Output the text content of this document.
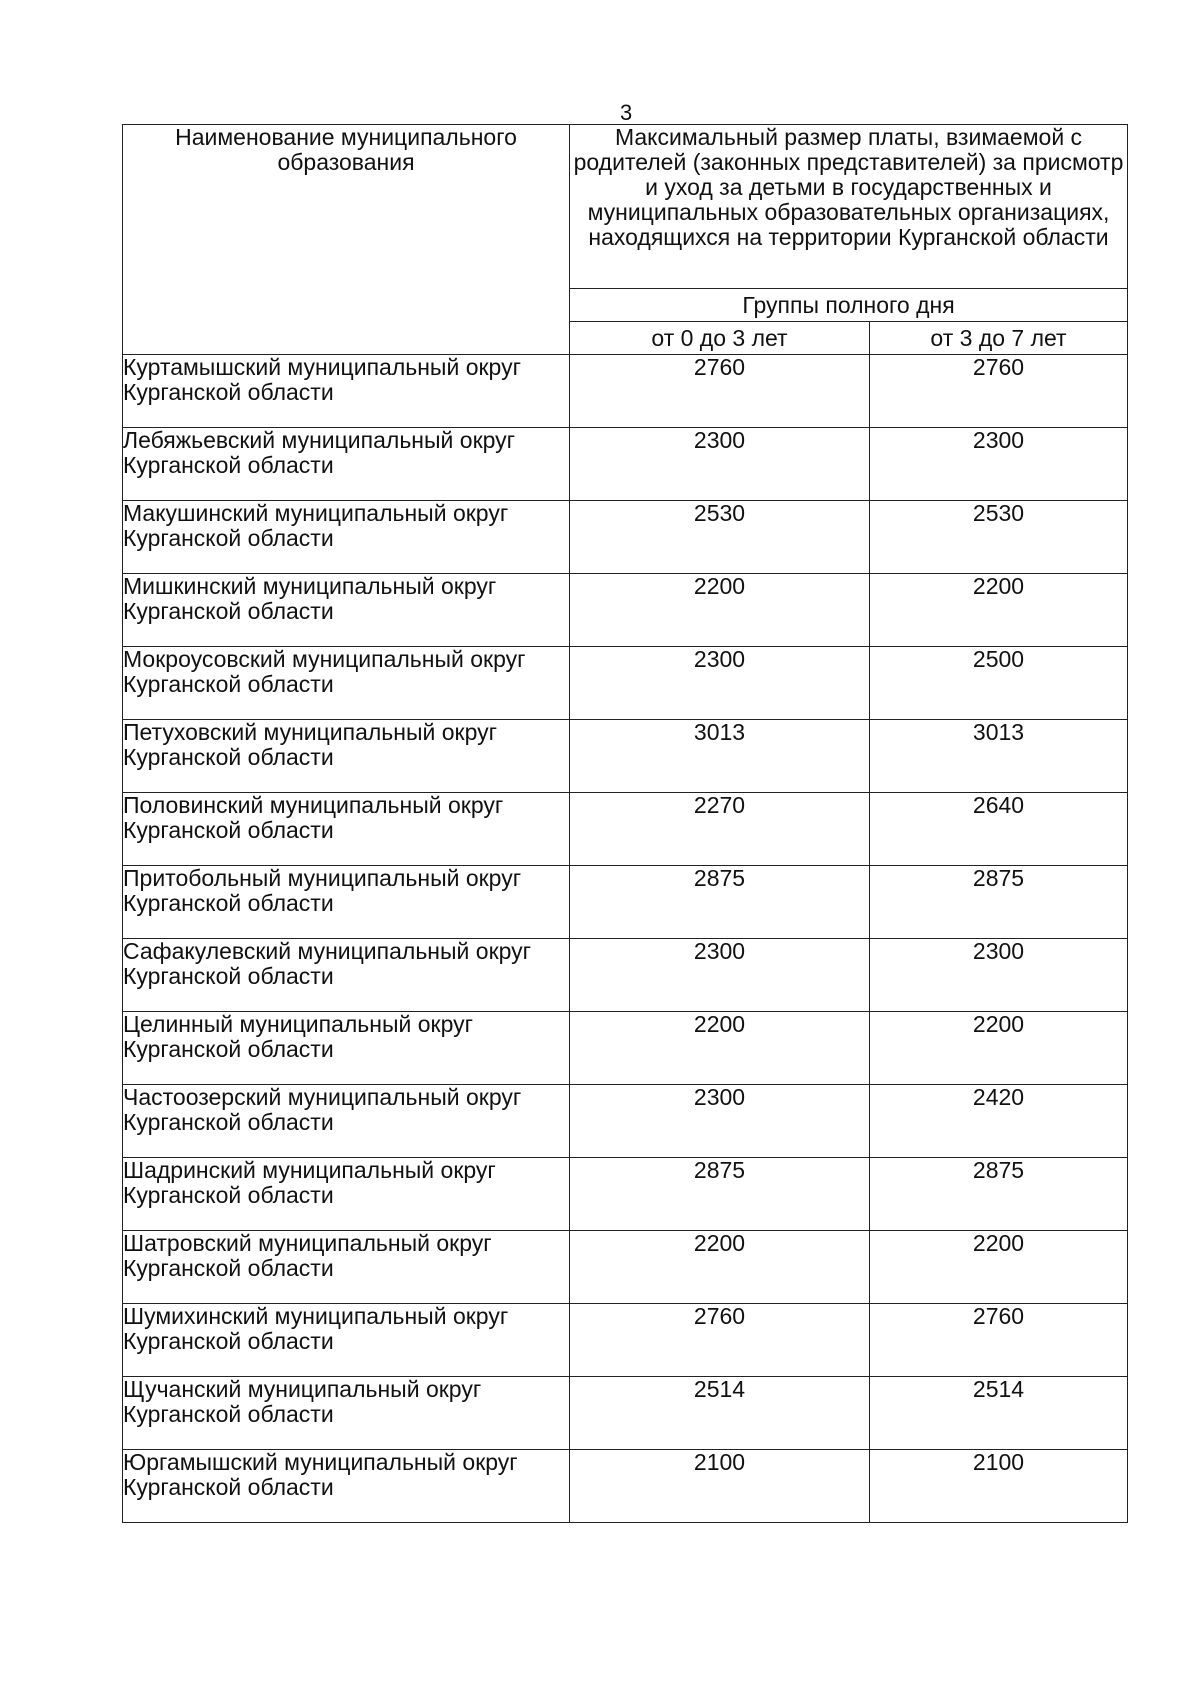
3
Наименование муниципального образования	Максимальный размер платы, взимаемой с родителей (законных представителей) за присмотр и уход за детьми в государственных и муниципальных образовательных организациях, находящихся на территории Курганской области	
	Группы полного дня	
	от 0 до 3 лет	от 3 до 7 лет
Куртамышский муниципальный округ Курганской области	2760	2760
Лебяжьевский муниципальный округ Курганской области	2300	2300
Макушинский муниципальный округ Курганской области	2530	2530
Мишкинский муниципальный округ Курганской области	2200	2200
Мокроусовский муниципальный округ Курганской области	2300	2500
Петуховский муниципальный округ Курганской области	3013	3013
Половинский муниципальный округ Курганской области	2270	2640
Притобольный муниципальный округ Курганской области	2875	2875
Сафакулевский муниципальный округ Курганской области	2300	2300
Целинный муниципальный округ Курганской области	2200	2200
Частоозерский муниципальный округ Курганской области	2300	2420
Шадринский муниципальный округ Курганской области	2875	2875
Шатровский муниципальный округ Курганской области	2200	2200
Шумихинский муниципальный округ Курганской области	2760	2760
Щучанский муниципальный округ Курганской области	2514	2514
Юргамышский муниципальный округ Курганской области	2100	2100
